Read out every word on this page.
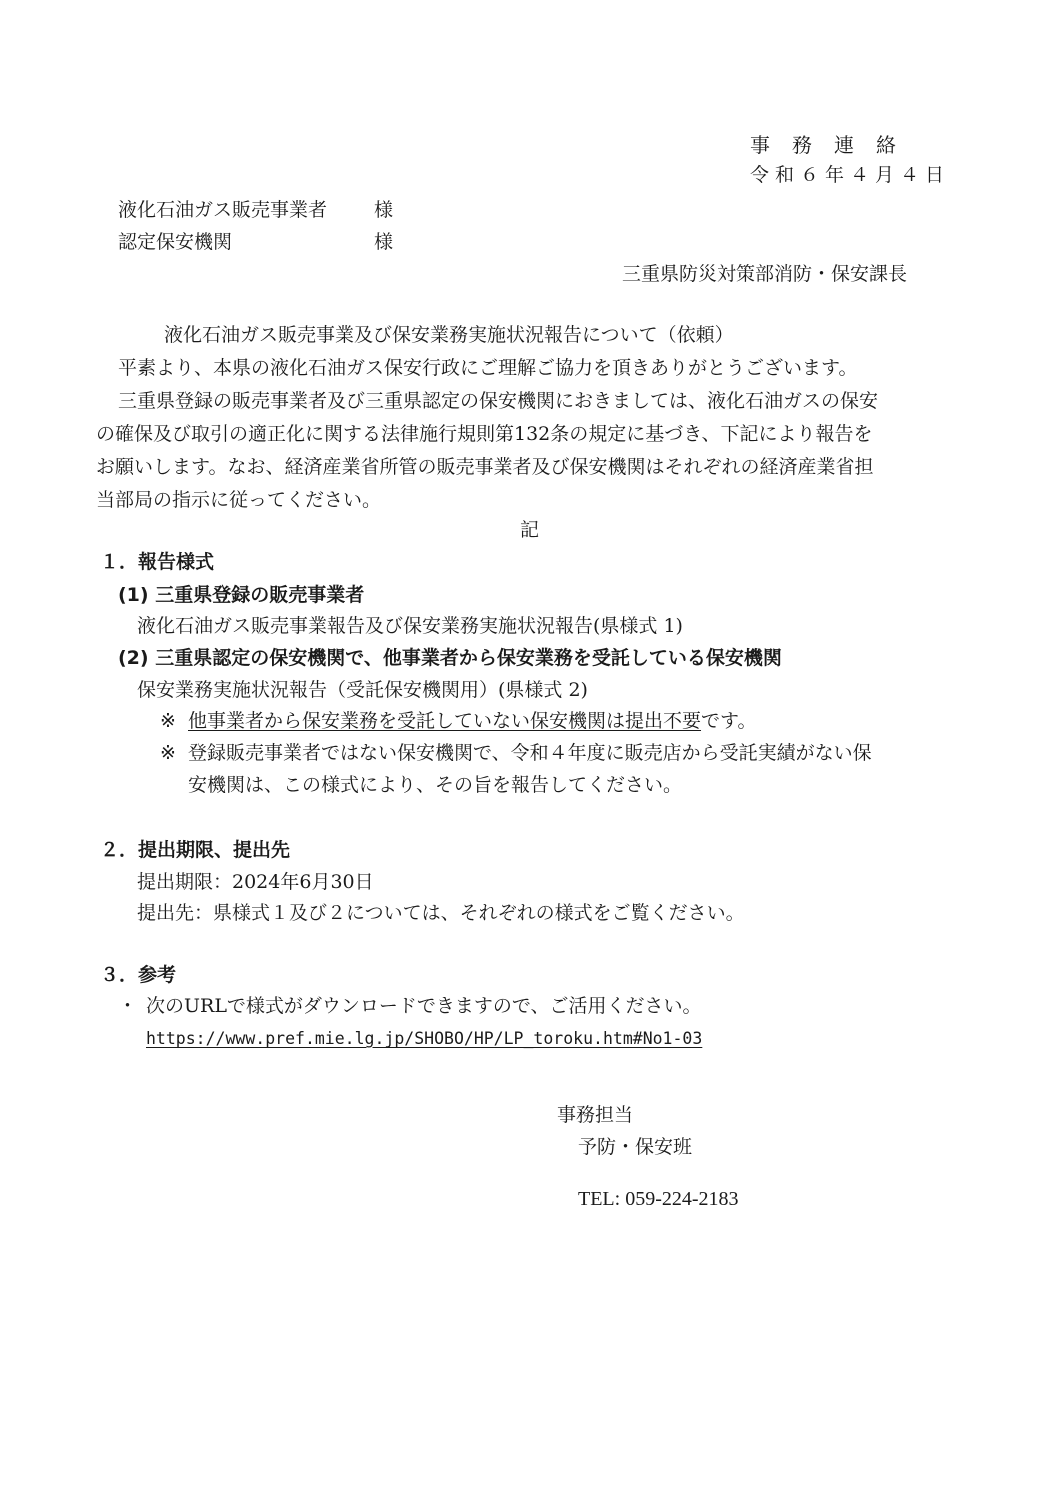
事務連絡
令和６年４月４日
液化石油ガス販売事業者 様
認定保安機関	様
三重県防災対策部消防・保安課長
液化石油ガス販売事業及び保安業務実施状況報告について（依頼）
平素より、本県の液化石油ガス保安行政にご理解ご協力を頂きありがとうございます。
三重県登録の販売事業者及び三重県認定の保安機関におきましては、液化石油ガスの保安
の確保及び取引の適正化に関する法律施行規則第132条の規定に基づき、下記により報告を
お願いします。なお、経済産業省所管の販売事業者及び保安機関はそれぞれの経済産業省担
当部局の指示に従ってください。
記
１．報告様式
(1) 三重県登録の販売事業者
液化石油ガス販売事業報告及び保安業務実施状況報告(県様式 1)
(2) 三重県認定の保安機関で、他事業者から保安業務を受託している保安機関
保安業務実施状況報告（受託保安機関用）(県様式 2)
※ 他事業者から保安業務を受託していない保安機関は提出不要です。
※ 登録販売事業者ではない保安機関で、令和４年度に販売店から受託実績がない保
安機関は、この様式により、その旨を報告してください。
２．提出期限、提出先
提出期限：2024年6月30日
提出先：県様式１及び２については、それぞれの様式をご覧ください。
３．参考
・ 次のURLで様式がダウンロードできますので、ご活用ください。
https://www.pref.mie.lg.jp/SHOBO/HP/LP_toroku.htm#No1-03
事務担当
予防・保安班
TEL: 059-224-2183
